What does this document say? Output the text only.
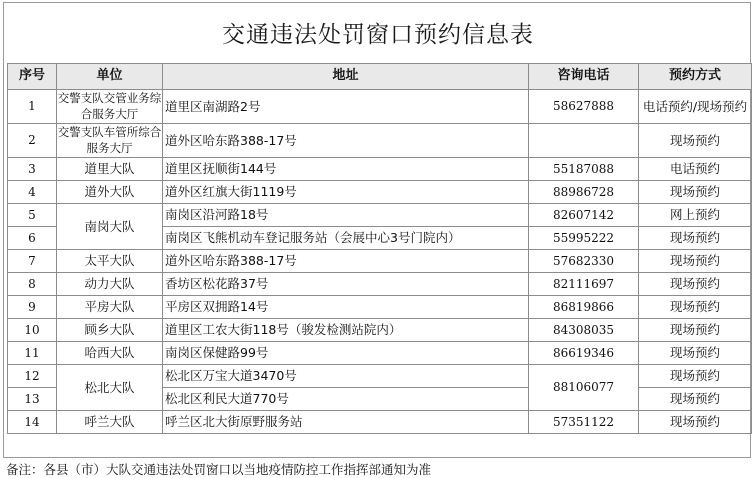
交通违法处罚窗口预约信息表
序号	单位	地址	咨询电话	预约方式
1	交警支队交管业务综合服务大厅	道里区南湖路2号	58627888	电话预约/现场预约
2	交警支队车管所综合服务大厅	道外区哈东路388-17号		现场预约
3	道里大队	道里区抚顺街144号	55187088	电话预约
4	道外大队	道外区红旗大街1119号	88986728	现场预约
5	南岗大队	南岗区沿河路18号	82607142	网上预约
6		南岗区飞熊机动车登记服务站（会展中心3号门院内）	55995222	现场预约
7	太平大队	道外区哈东路388-17号	57682330	现场预约
8	动力大队	香坊区松花路37号	82111697	现场预约
9	平房大队	平房区双拥路14号	86819866	现场预约
10	顾乡大队	道里区工农大街118号（骏发检测站院内）	84308035	现场预约
11	哈西大队	南岗区保健路99号	86619346	现场预约
12	松北大队	松北区万宝大道3470号	88106077	现场预约
13		松北区利民大道770号		现场预约
14	呼兰大队	呼兰区北大街原野服务站	57351122	现场预约
备注：各县（市）大队交通违法处罚窗口以当地疫情防控工作指挥部通知为准
